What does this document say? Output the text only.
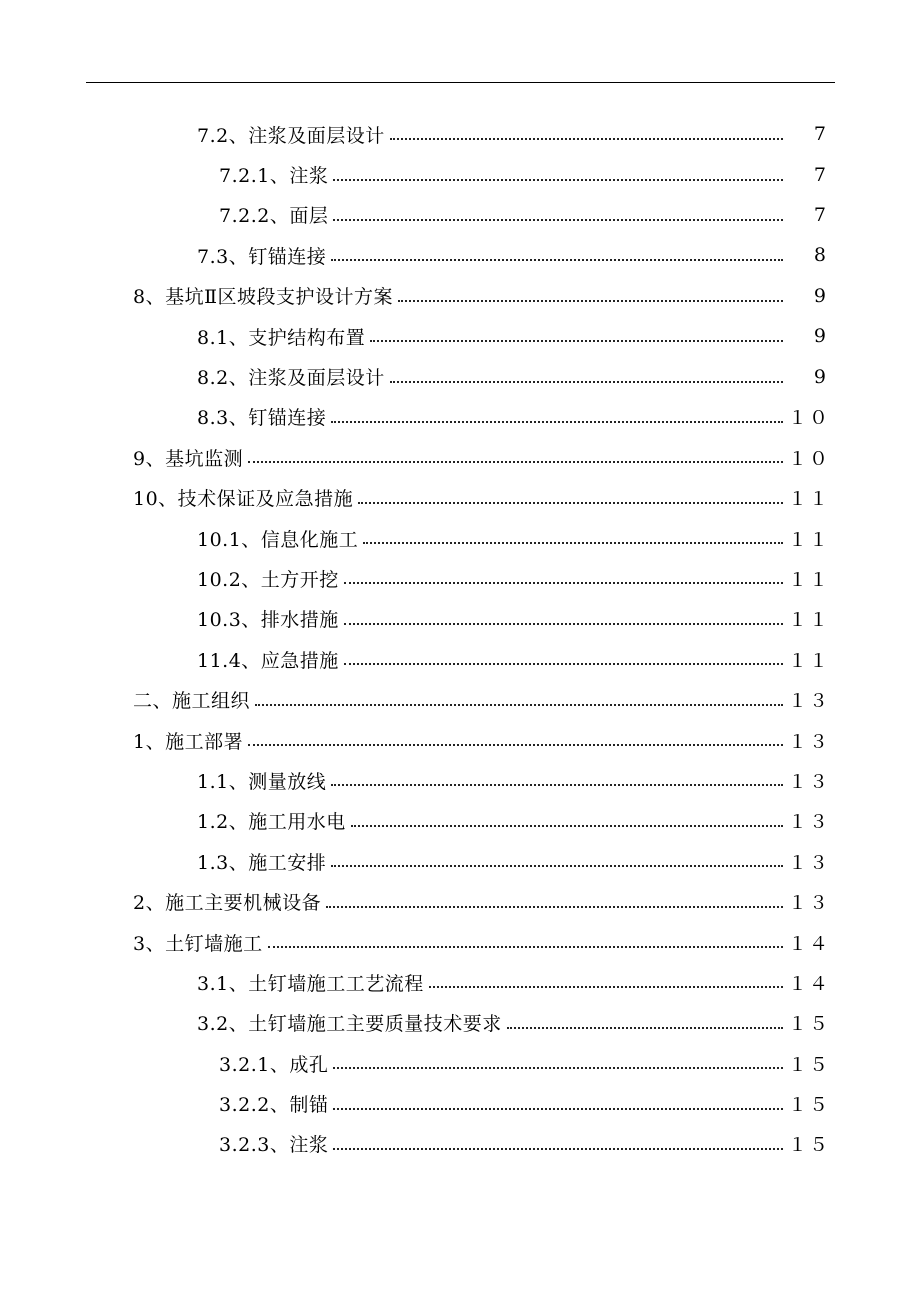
7.2、注浆及面层设计	7
7.2.1、注浆	7
7.2.2、面层	7
7.3、钉锚连接	8
8、基坑Ⅱ区坡段支护设计方案	9
8.1、支护结构布置	9
8.2、注浆及面层设计	9
8.3、钉锚连接	１０
9、基坑监测	１０
10、技术保证及应急措施	１１
10.1、信息化施工	１１
10.2、土方开挖	１１
10.3、排水措施	１１
11.4、应急措施	１１
二、施工组织	１３
1、施工部署	１３
1.1、测量放线	１３
1.2、施工用水电	１３
1.3、施工安排	１３
2、施工主要机械设备	１３
3、土钉墙施工	１４
3.1、土钉墙施工工艺流程	１４
3.2、土钉墙施工主要质量技术要求	１５
3.2.1、成孔	１５
3.2.2、制锚	１５
3.2.3、注浆	１５
